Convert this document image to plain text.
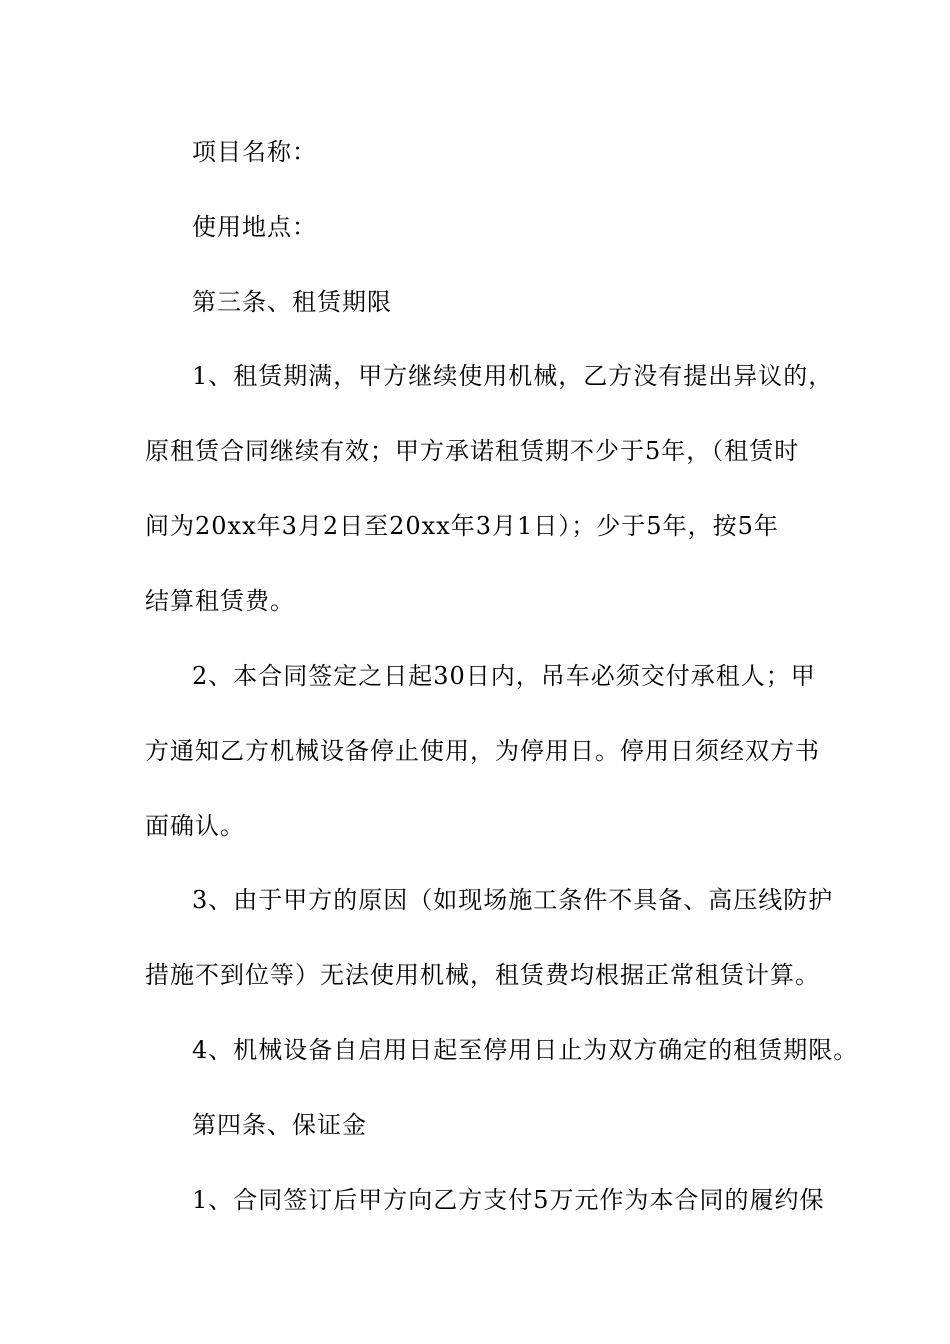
项目名称：
使用地点：
第三条、租赁期限
1、租赁期满，甲方继续使用机械，乙方没有提出异议的，
原租赁合同继续有效；甲方承诺租赁期不少于5年，（租赁时
间为20xx年3月2日至20xx年3月1日）；少于5年，按5年
结算租赁费。
2、本合同签定之日起30日内，吊车必须交付承租人；甲
方通知乙方机械设备停止使用，为停用日。停用日须经双方书
面确认。
3、由于甲方的原因（如现场施工条件不具备、高压线防护
措施不到位等）无法使用机械，租赁费均根据正常租赁计算。
4、机械设备自启用日起至停用日止为双方确定的租赁期限。
第四条、保证金
1、合同签订后甲方向乙方支付5万元作为本合同的履约保
